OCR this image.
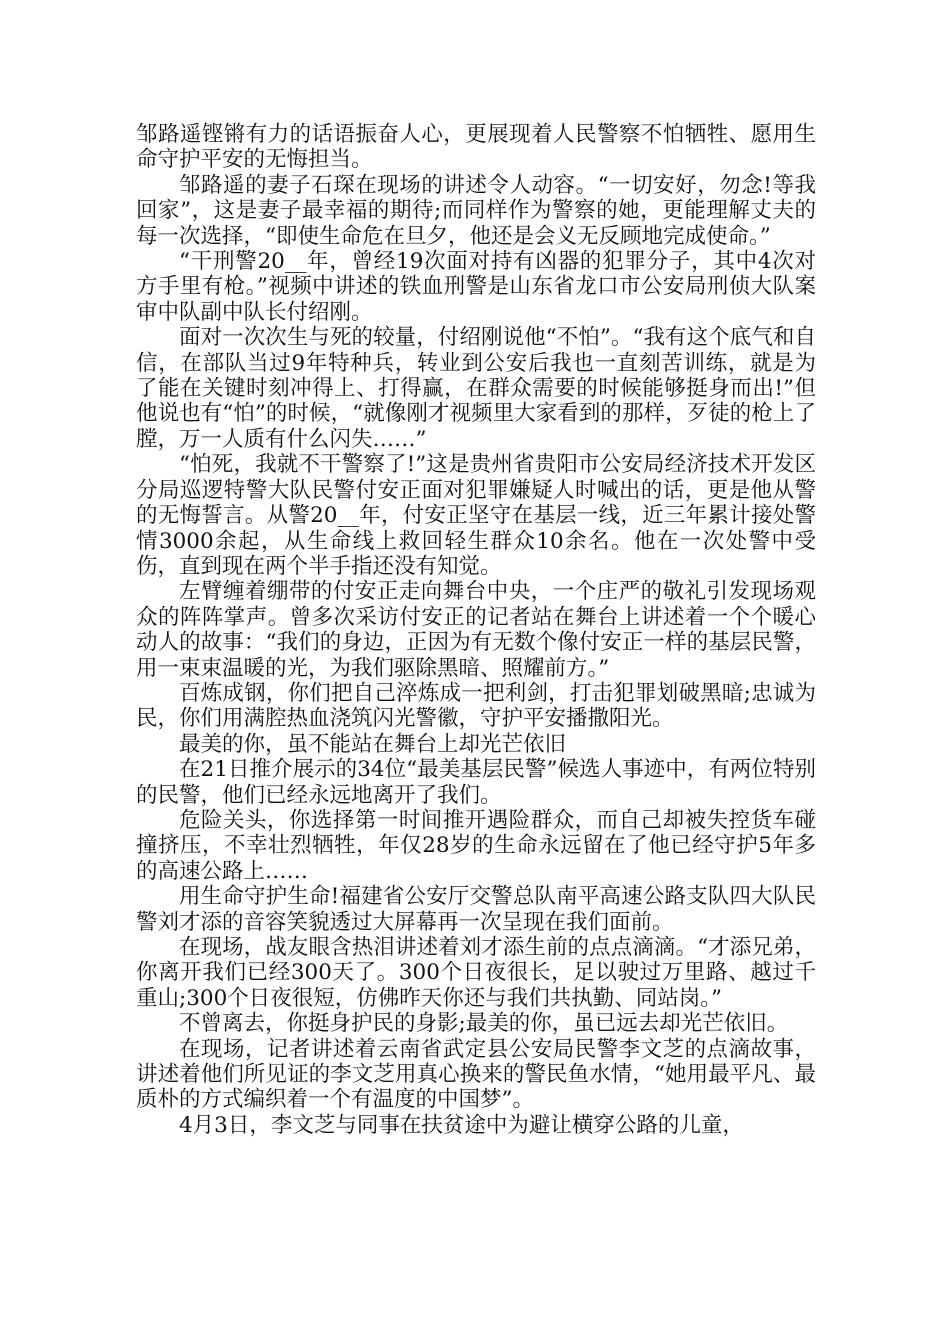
邹路遥铿锵有力的话语振奋人心，更展现着人民警察不怕牺牲、愿用生命守护平安的无悔担当。

邹路遥的妻子石琛在现场的讲述令人动容。“一切安好，勿念!等我回家”，这是妻子最幸福的期待;而同样作为警察的她，更能理解丈夫的每一次选择，“即使生命危在旦夕，他还是会义无反顾地完成使命。”

“干刑警20__年，曾经19次面对持有凶器的犯罪分子，其中4次对方手里有枪。”视频中讲述的铁血刑警是山东省龙口市公安局刑侦大队案审中队副中队长付绍刚。

面对一次次生与死的较量，付绍刚说他“不怕”。“我有这个底气和自信，在部队当过9年特种兵，转业到公安后我也一直刻苦训练，就是为了能在关键时刻冲得上、打得赢，在群众需要的时候能够挺身而出!”但他说也有“怕”的时候，“就像刚才视频里大家看到的那样，歹徒的枪上了膛，万一人质有什么闪失……”

“怕死，我就不干警察了!”这是贵州省贵阳市公安局经济技术开发区分局巡逻特警大队民警付安正面对犯罪嫌疑人时喊出的话，更是他从警的无悔誓言。从警20__年，付安正坚守在基层一线，近三年累计接处警情3000余起，从生命线上救回轻生群众10余名。他在一次处警中受伤，直到现在两个半手指还没有知觉。

左臂缠着绷带的付安正走向舞台中央，一个庄严的敬礼引发现场观众的阵阵掌声。曾多次采访付安正的记者站在舞台上讲述着一个个暖心动人的故事：“我们的身边，正因为有无数个像付安正一样的基层民警，用一束束温暖的光，为我们驱除黑暗、照耀前方。”

百炼成钢，你们把自己淬炼成一把利剑，打击犯罪划破黑暗;忠诚为民，你们用满腔热血浇筑闪光警徽，守护平安播撒阳光。

最美的你，虽不能站在舞台上却光芒依旧

在21日推介展示的34位“最美基层民警”候选人事迹中，有两位特别的民警，他们已经永远地离开了我们。

危险关头，你选择第一时间推开遇险群众，而自己却被失控货车碰撞挤压，不幸壮烈牺牲，年仅28岁的生命永远留在了他已经守护5年多的高速公路上……

用生命守护生命!福建省公安厅交警总队南平高速公路支队四大队民警刘才添的音容笑貌透过大屏幕再一次呈现在我们面前。

在现场，战友眼含热泪讲述着刘才添生前的点点滴滴。“才添兄弟，你离开我们已经300天了。300个日夜很长，足以驶过万里路、越过千重山;300个日夜很短，仿佛昨天你还与我们共执勤、同站岗。”

不曾离去，你挺身护民的身影;最美的你，虽已远去却光芒依旧。

在现场，记者讲述着云南省武定县公安局民警李文芝的点滴故事，讲述着他们所见证的李文芝用真心换来的警民鱼水情，“她用最平凡、最质朴的方式编织着一个有温度的中国梦”。

4月3日，李文芝与同事在扶贫途中为避让横穿公路的儿童，
